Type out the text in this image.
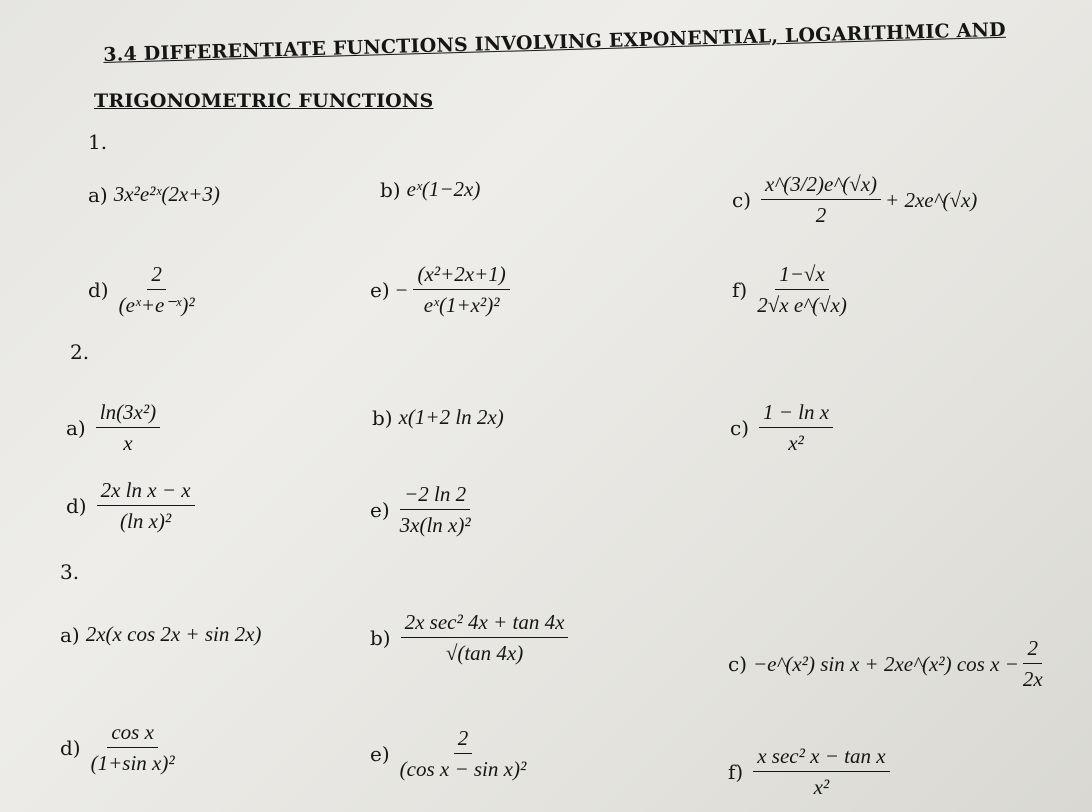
3.4 DIFFERENTIATE FUNCTIONS INVOLVING EXPONENTIAL, LOGARITHMIC AND
TRIGONOMETRIC FUNCTIONS
1.
a) 3x²e²ˣ(2x+3)	b) eˣ(1−2x)	$c) \frac{x\^{}(3/2)e\^{}(√x)}{2}$ + 2xe^(√x)
$d) \frac{2}{\text{(eˣ+e⁻ˣ)²}}$	$e) - \frac{\text{(x²+2x+1)}}{\text{eˣ(1+x²)²}}$	$f) \frac{1-√x}{\text{2√x e\textasciicircum{}(√x)}}$
2.
$a) \frac{\text{ln(3x²)}}{x}$	b) x(1+2 ln 2x)	$c) \frac{\text{1 − ln x}}{\text{x²}}$
$d) \frac{\text{2x ln x − x}}{\text{(ln x)²}}$	$e) \frac{-2 \ln 2}{\text{3x(ln x)²}}$
3.
a) 2x(x cos 2x + sin 2x)	$b) \frac{\text{2x sec² 4x + tan 4x}}{√(\tan 4x)}$	c) −e^(x²) sin x + 2xe^(x²) $\cos x - \frac{2}{2x}$
$d) \frac{\text{cos x}}{\text{(1+sin x)²}}$	$e) \frac{2}{\text{(cos x − sin x)²}}$	$f) \frac{\text{x sec² x − tan x}}{\text{x²}}$
